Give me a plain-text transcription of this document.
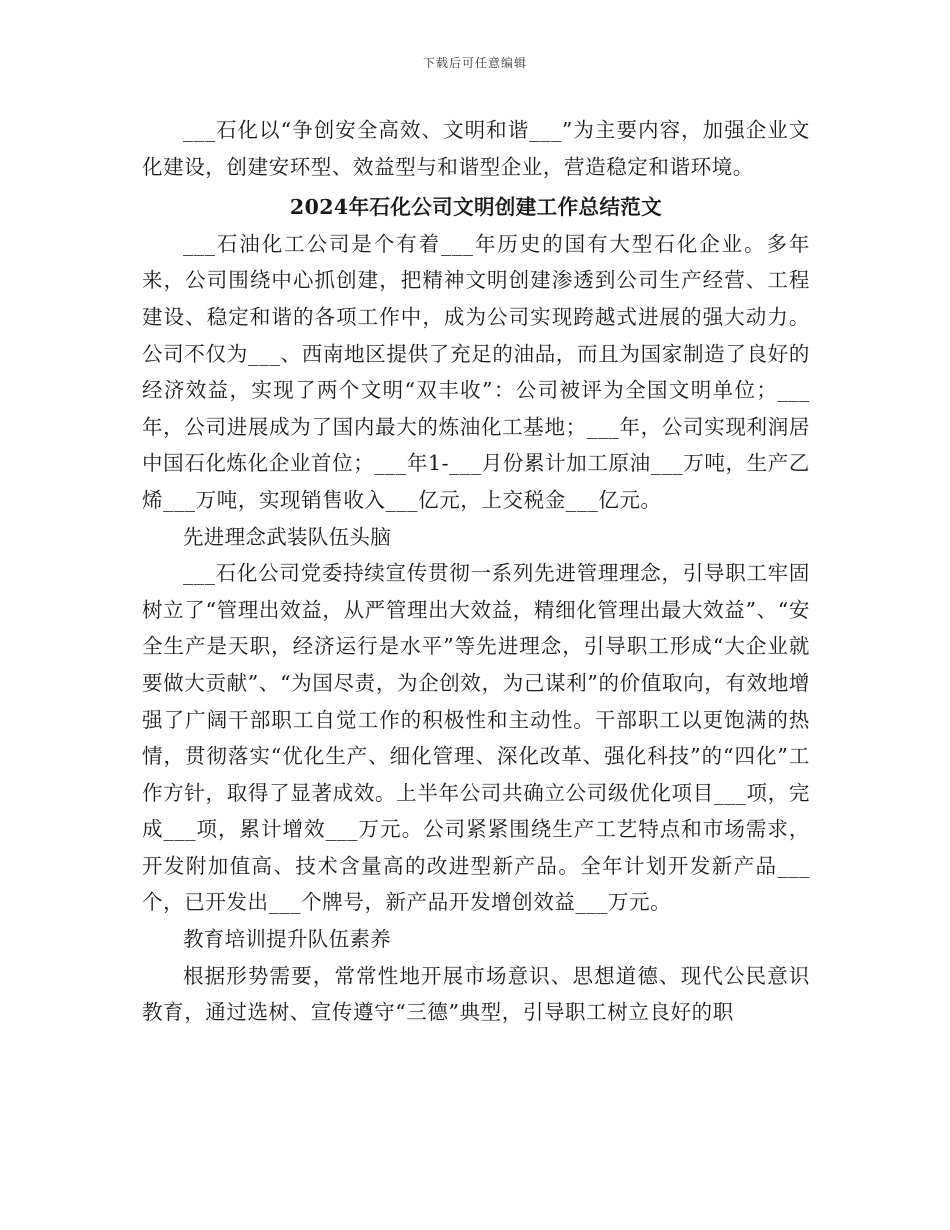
下载后可任意编辑

___石化以“争创安全高效、文明和谐___”为主要内容，加强企业文化建设，创建安环型、效益型与和谐型企业，营造稳定和谐环境。

2024年石化公司文明创建工作总结范文

___石油化工公司是个有着___年历史的国有大型石化企业。多年来，公司围绕中心抓创建，把精神文明创建渗透到公司生产经营、工程建设、稳定和谐的各项工作中，成为公司实现跨越式进展的强大动力。公司不仅为___、西南地区提供了充足的油品，而且为国家制造了良好的经济效益，实现了两个文明“双丰收”：公司被评为全国文明单位；___年，公司进展成为了国内最大的炼油化工基地；___年，公司实现利润居中国石化炼化企业首位；___年1-___月份累计加工原油___万吨，生产乙烯___万吨，实现销售收入___亿元，上交税金___亿元。

先进理念武装队伍头脑

___石化公司党委持续宣传贯彻一系列先进管理理念，引导职工牢固树立了“管理出效益，从严管理出大效益，精细化管理出最大效益”、“安全生产是天职，经济运行是水平”等先进理念，引导职工形成“大企业就要做大贡献”、“为国尽责，为企创效，为己谋利”的价值取向，有效地增强了广阔干部职工自觉工作的积极性和主动性。干部职工以更饱满的热情，贯彻落实“优化生产、细化管理、深化改革、强化科技”的“四化”工作方针，取得了显著成效。上半年公司共确立公司级优化项目___项，完成___项，累计增效___万元。公司紧紧围绕生产工艺特点和市场需求，开发附加值高、技术含量高的改进型新产品。全年计划开发新产品___个，已开发出___个牌号，新产品开发增创效益___万元。

教育培训提升队伍素养

根据形势需要，常常性地开展市场意识、思想道德、现代公民意识教育，通过选树、宣传遵守“三德”典型，引导职工树立良好的职
